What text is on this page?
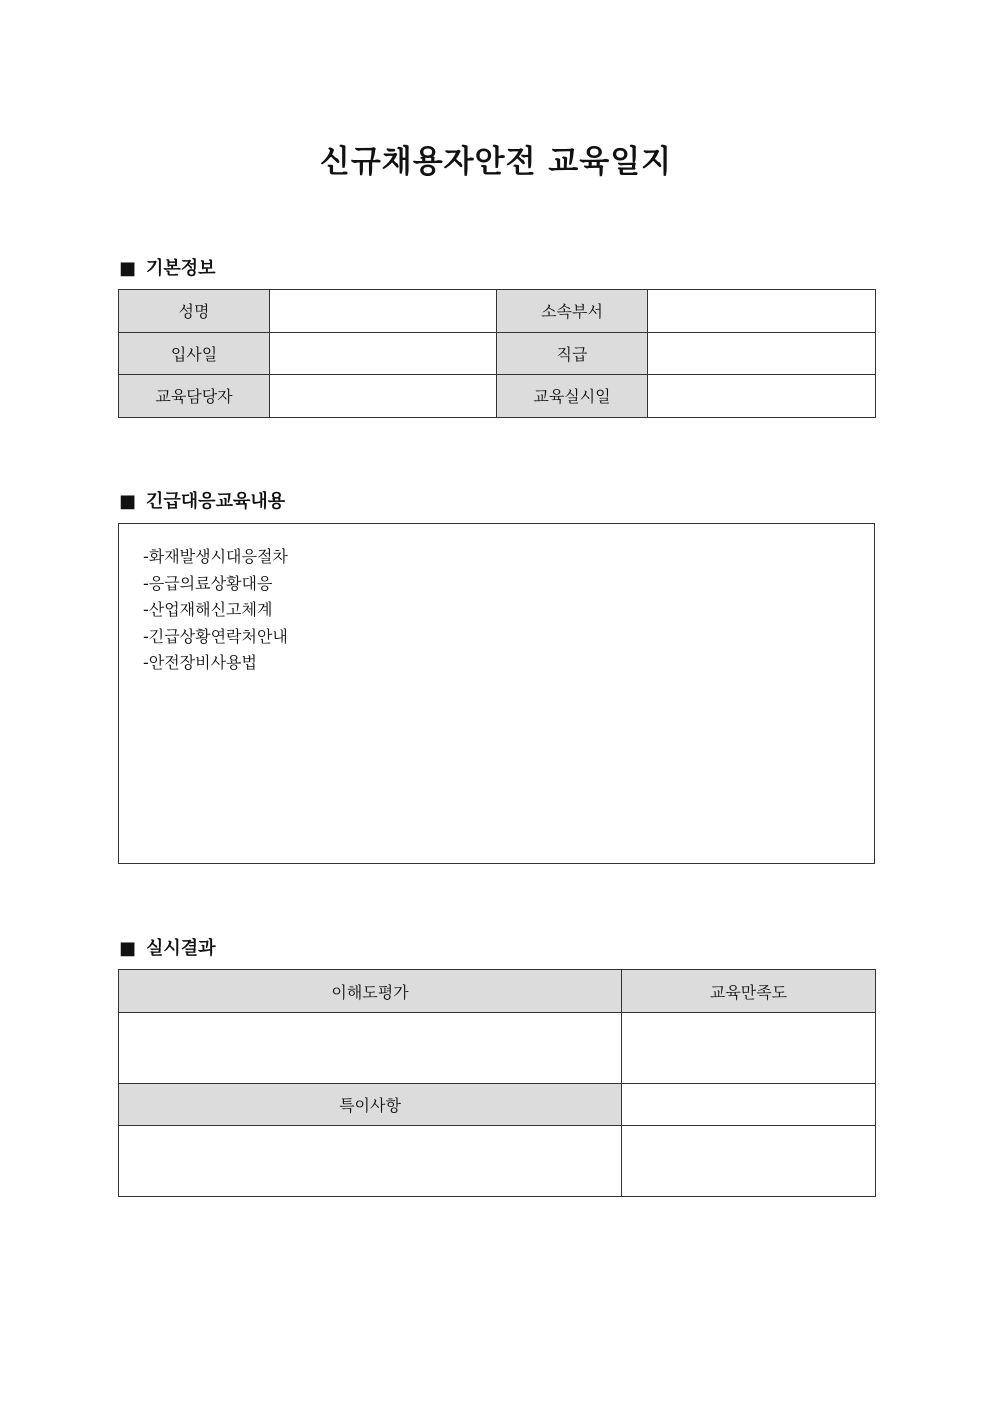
신규채용자안전 교육일지
■ 기본정보
성명		소속부서	
입사일		직급	
교육담당자		교육실시일	
■ 긴급대응교육내용
-화재발생시대응절차
-응급의료상황대응
-산업재해신고체계
-긴급상황연락처안내
-안전장비사용법
■ 실시결과
이해도평가	교육만족도

특이사항	
